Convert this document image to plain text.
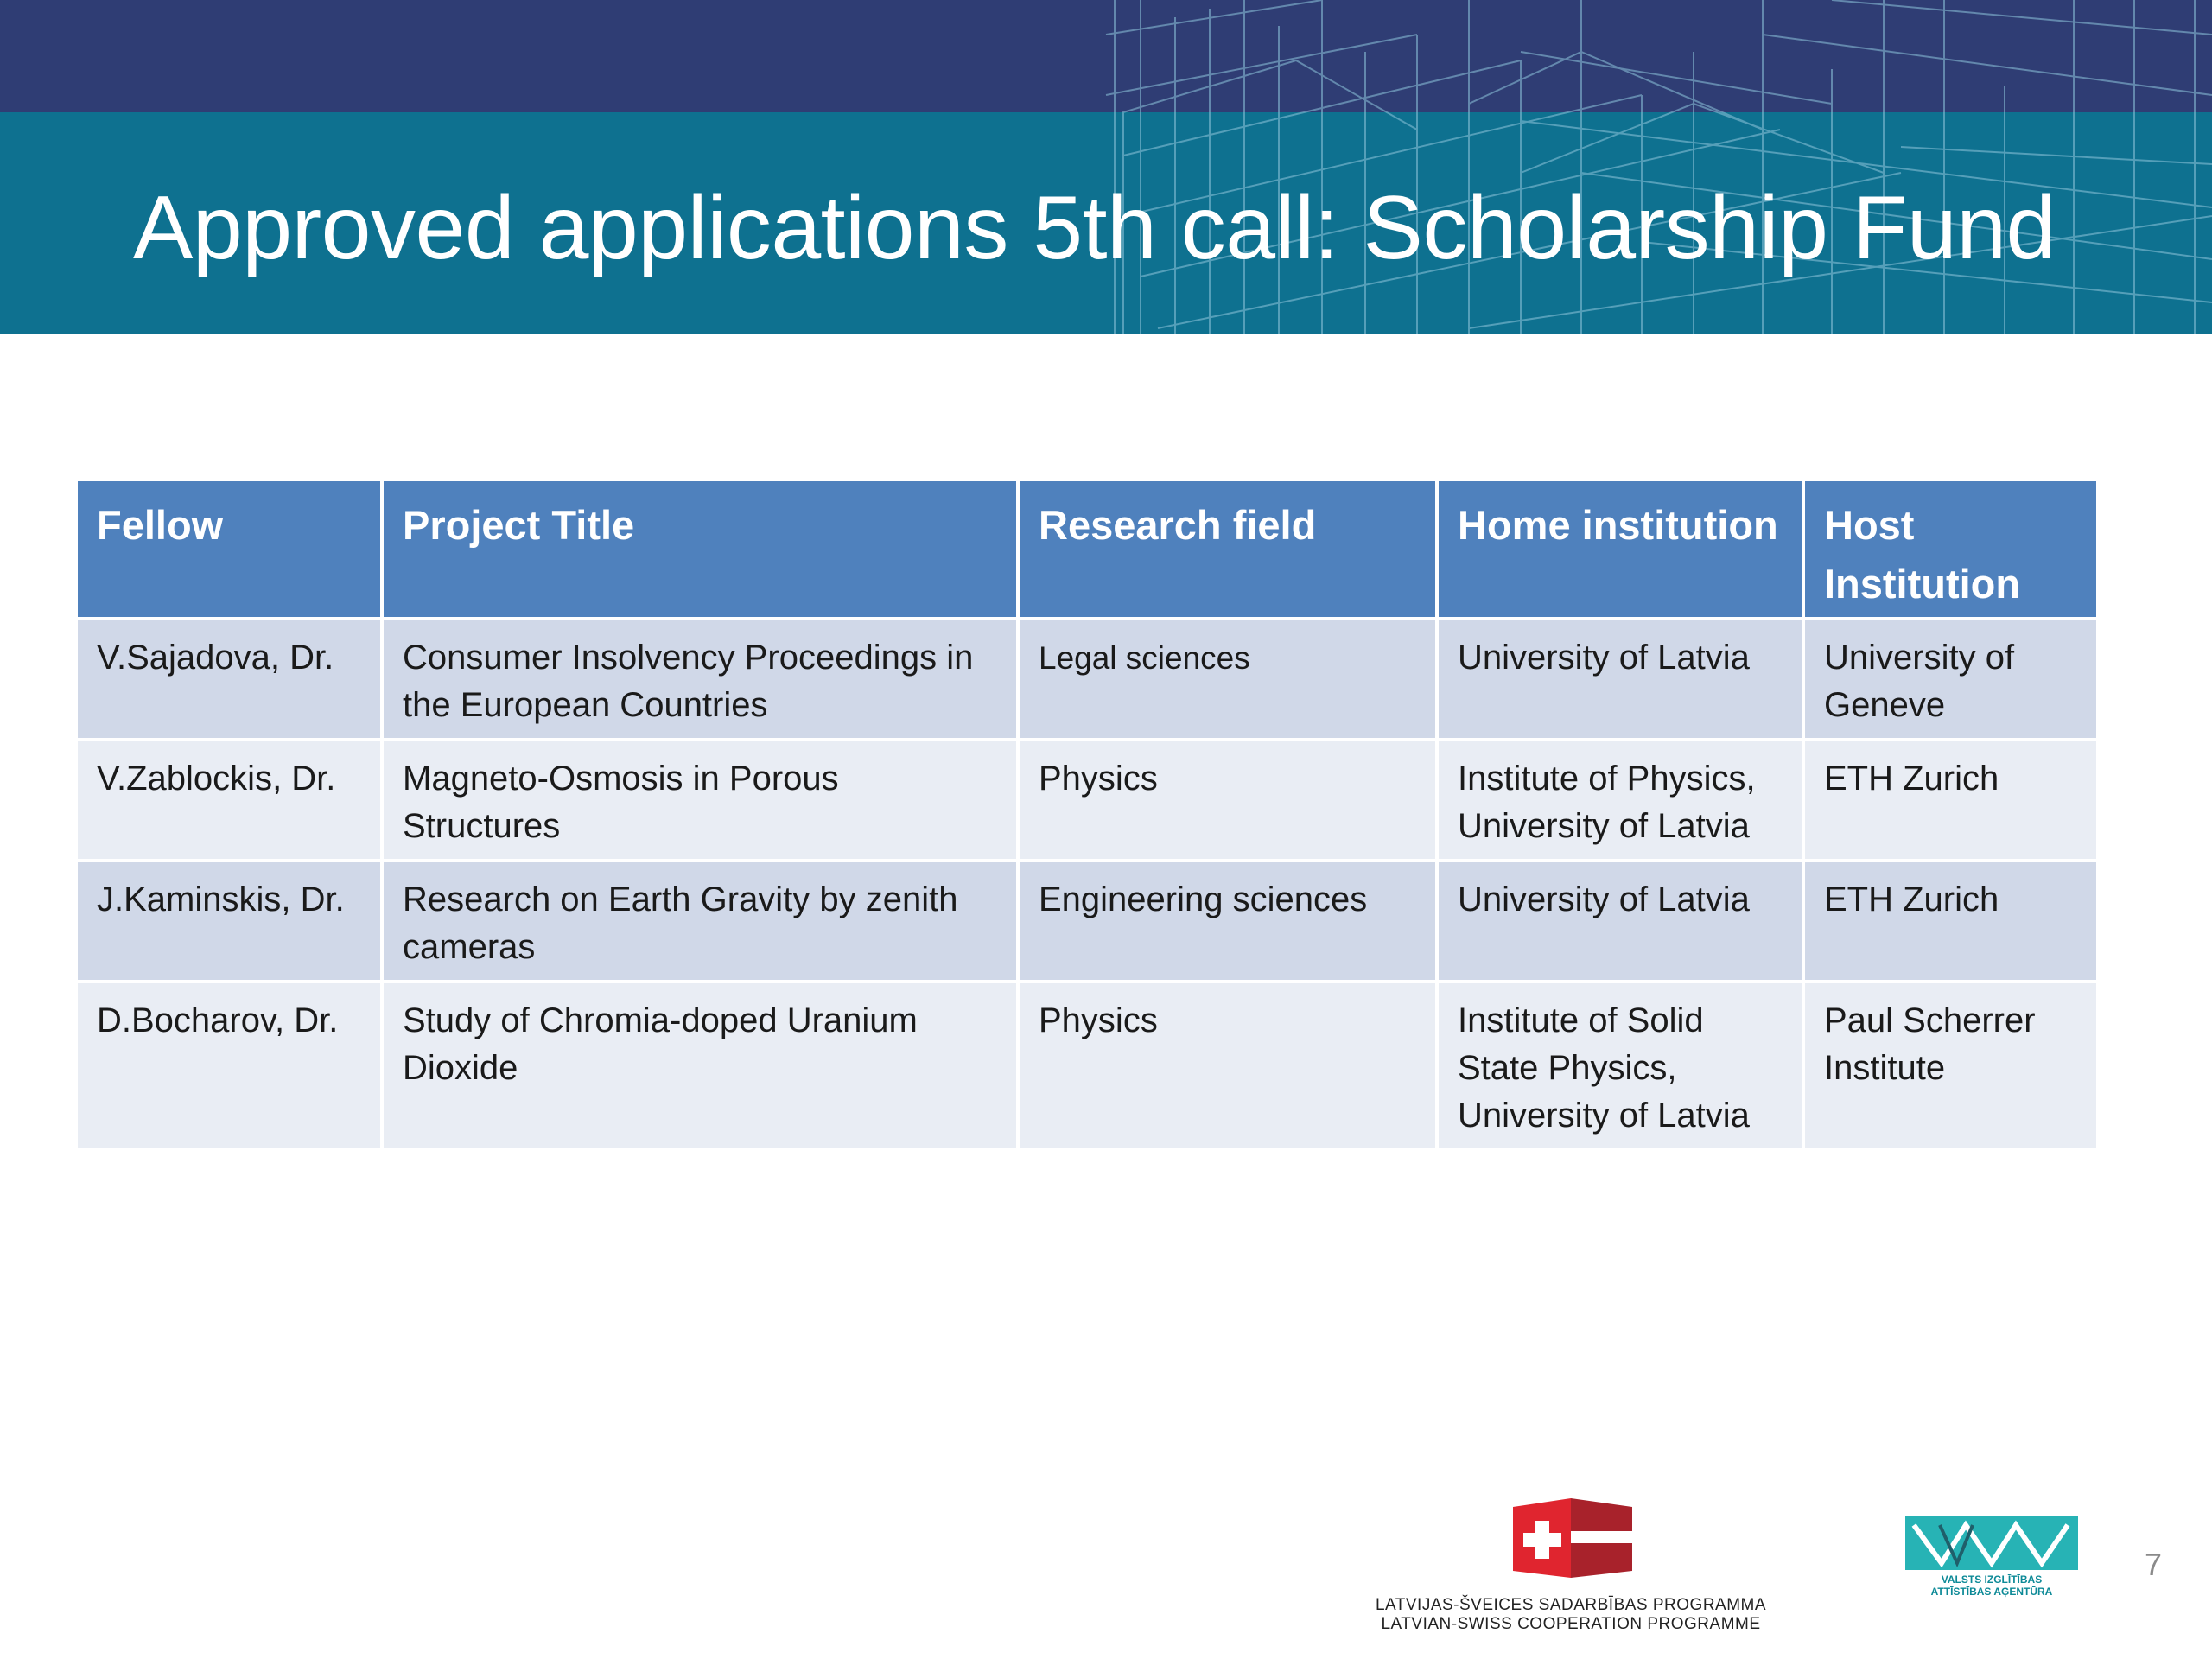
Approved applications 5th call: Scholarship Fund
Fellow	Project Title	Research field	Home institution	Host Institution
V.Sajadova, Dr.	Consumer Insolvency Proceedings in the European Countries	Legal sciences	University of Latvia	University of Geneve
V.Zablockis, Dr.	Magneto-Osmosis in Porous Structures	Physics	Institute of Physics, University of Latvia	ETH Zurich
J.Kaminskis, Dr.	Research on Earth Gravity by zenith cameras	Engineering sciences	University of Latvia	ETH Zurich
D.Bocharov, Dr.	Study of Chromia-doped Uranium Dioxide	Physics	Institute of Solid State Physics, University of Latvia	Paul Scherrer Institute
LATVIJAS-ŠVEICES SADARBĪBAS PROGRAMMA
LATVIAN-SWISS COOPERATION PROGRAMME
VALSTS IZGLĪTĪBAS
ATTĪSTĪBAS AĢENTŪRA
7
